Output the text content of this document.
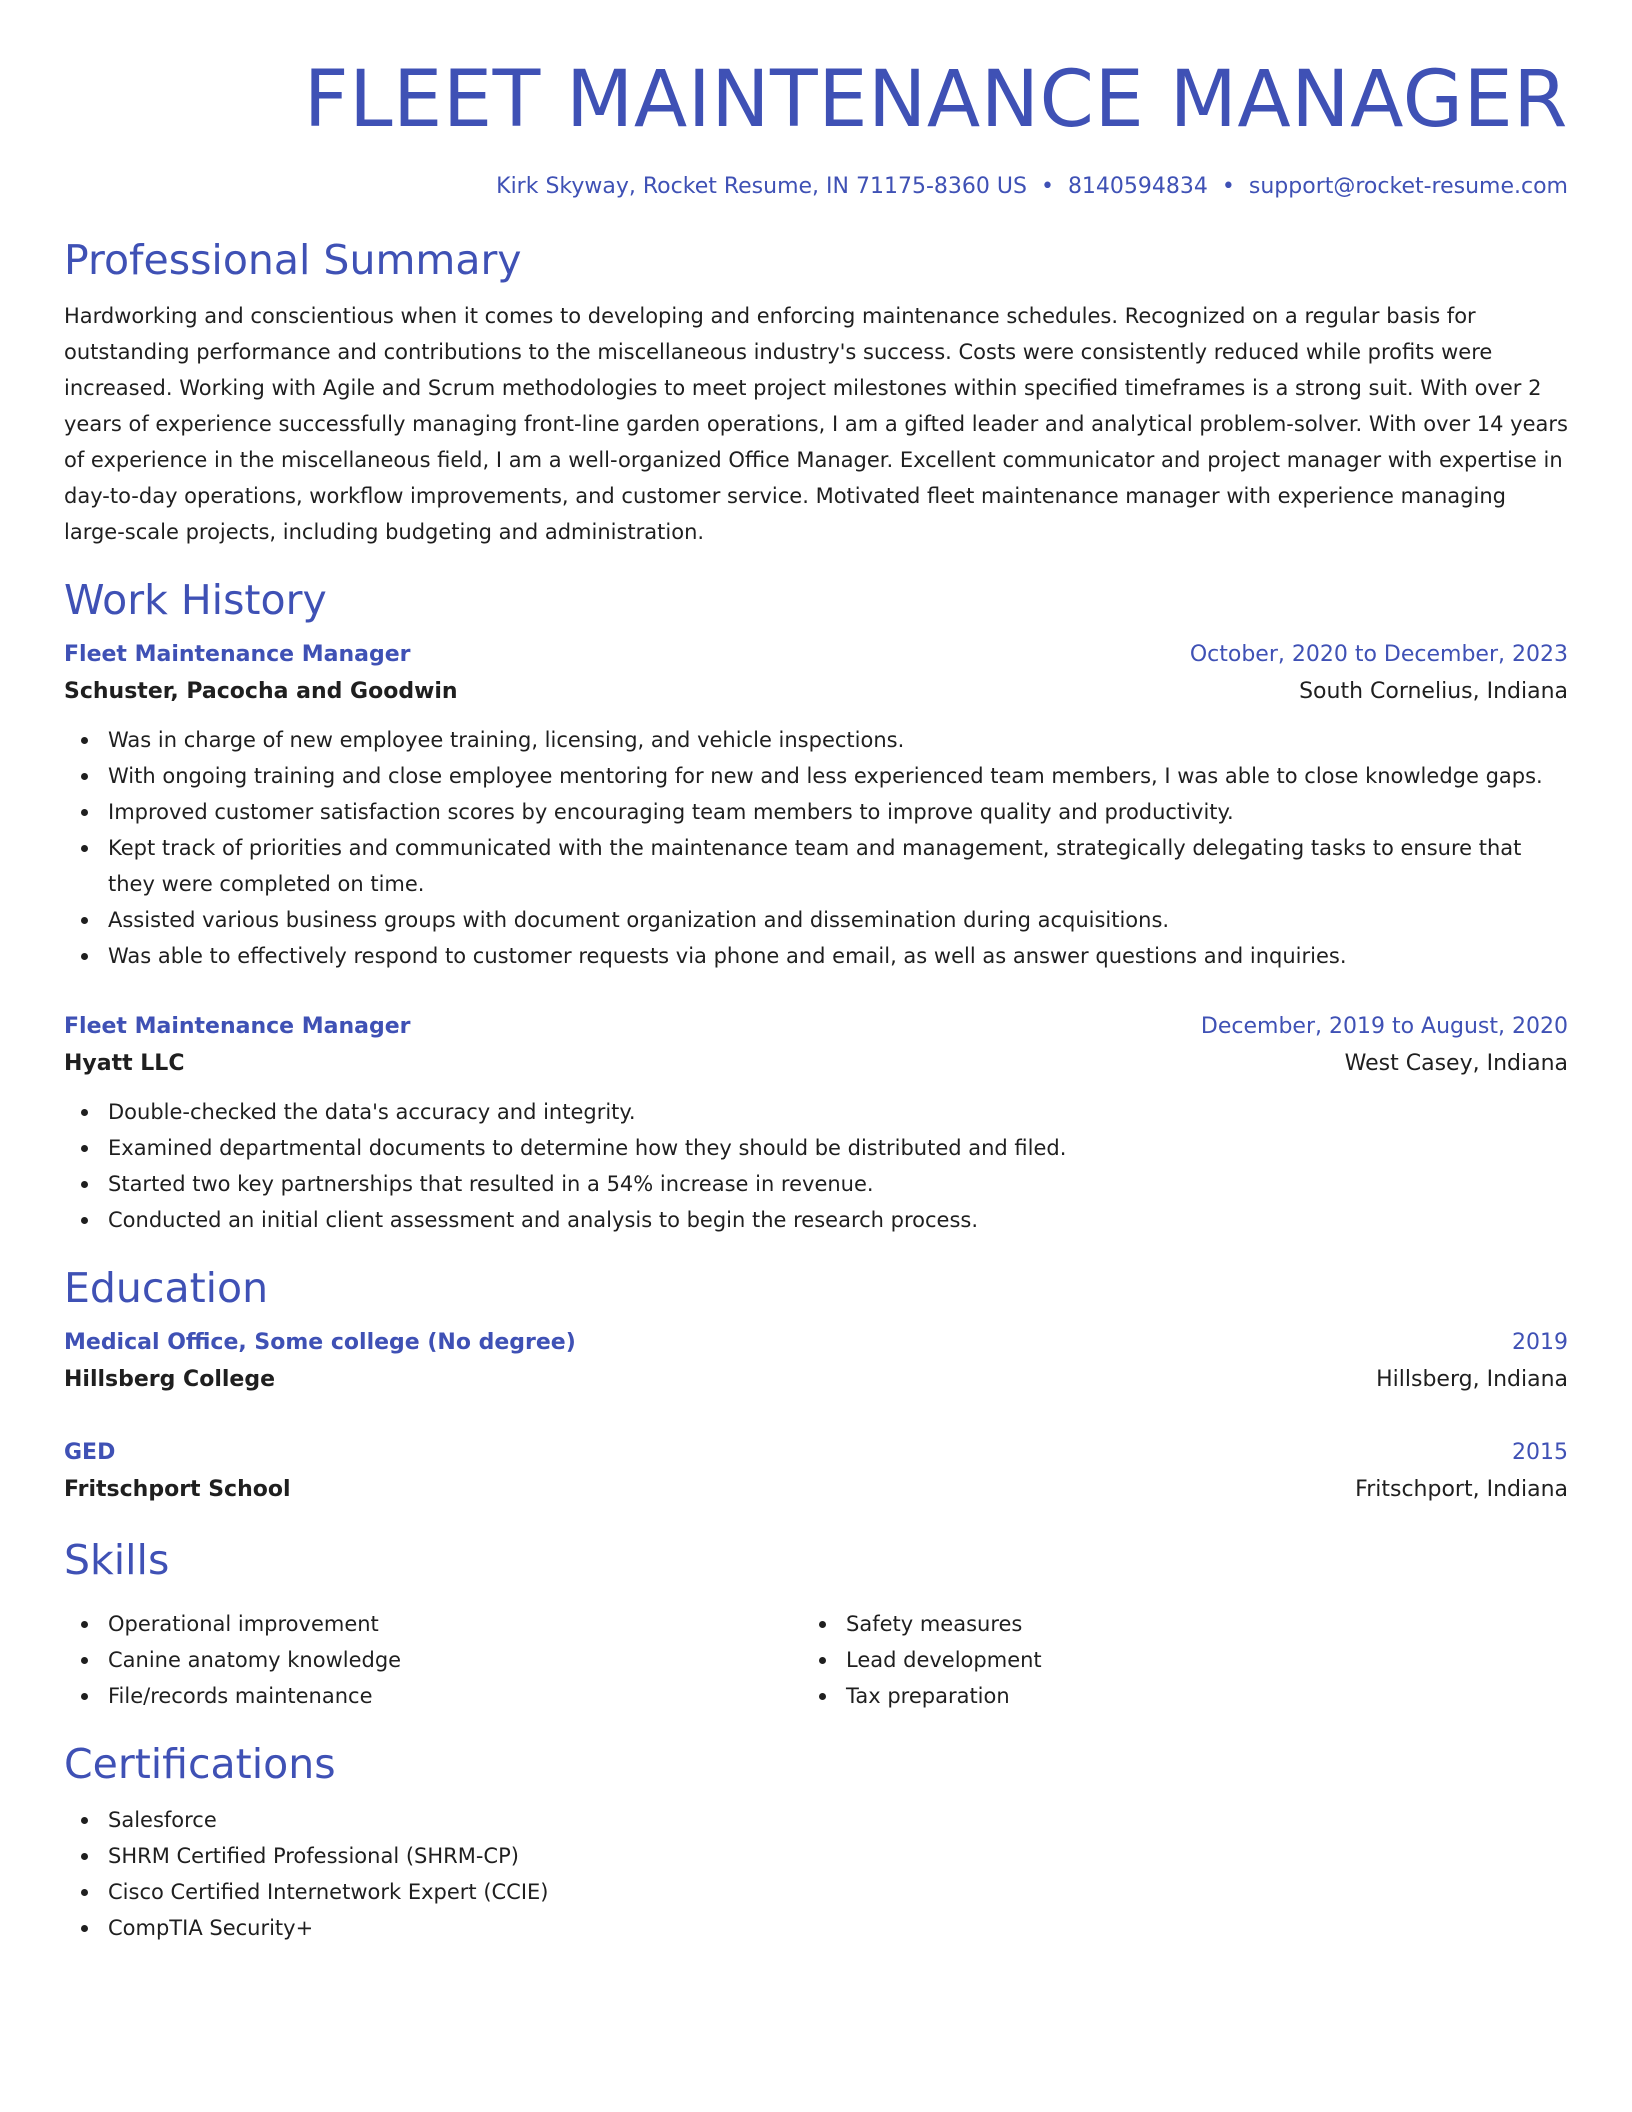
FLEET MAINTENANCE MANAGER
Kirk Skyway, Rocket Resume, IN 71175-8360 US • 8140594834 • support@rocket-resume.com
Professional Summary

Hardworking and conscientious when it comes to developing and enforcing maintenance schedules. Recognized on a regular basis for outstanding performance and contributions to the miscellaneous industry's success. Costs were consistently reduced while profits were increased. Working with Agile and Scrum methodologies to meet project milestones within specified timeframes is a strong suit. With over 2 years of experience successfully managing front-line garden operations, I am a gifted leader and analytical problem-solver. With over 14 years of experience in the miscellaneous field, I am a well-organized Office Manager. Excellent communicator and project manager with expertise in day-to-day operations, workflow improvements, and customer service. Motivated fleet maintenance manager with experience managing large-scale projects, including budgeting and administration.

Work History
Fleet Maintenance Manager	October, 2020 to December, 2023
Schuster, Pacocha and Goodwin	South Cornelius, Indiana
Was in charge of new employee training, licensing, and vehicle inspections.
With ongoing training and close employee mentoring for new and less experienced team members, I was able to close knowledge gaps.
Improved customer satisfaction scores by encouraging team members to improve quality and productivity.
Kept track of priorities and communicated with the maintenance team and management, strategically delegating tasks to ensure that they were completed on time.
Assisted various business groups with document organization and dissemination during acquisitions.
Was able to effectively respond to customer requests via phone and email, as well as answer questions and inquiries.
Fleet Maintenance Manager	December, 2019 to August, 2020
Hyatt LLC	West Casey, Indiana
Double-checked the data's accuracy and integrity.
Examined departmental documents to determine how they should be distributed and filed.
Started two key partnerships that resulted in a 54% increase in revenue.
Conducted an initial client assessment and analysis to begin the research process.
Education
Medical Office, Some college (No degree)	2019
Hillsberg College	Hillsberg, Indiana
GED	2015
Fritschport School	Fritschport, Indiana
Skills
Operational improvement
Canine anatomy knowledge
File/records maintenance
Safety measures
Lead development
Tax preparation
Certifications
Salesforce
SHRM Certified Professional (SHRM-CP)
Cisco Certified Internetwork Expert (CCIE)
CompTIA Security+
